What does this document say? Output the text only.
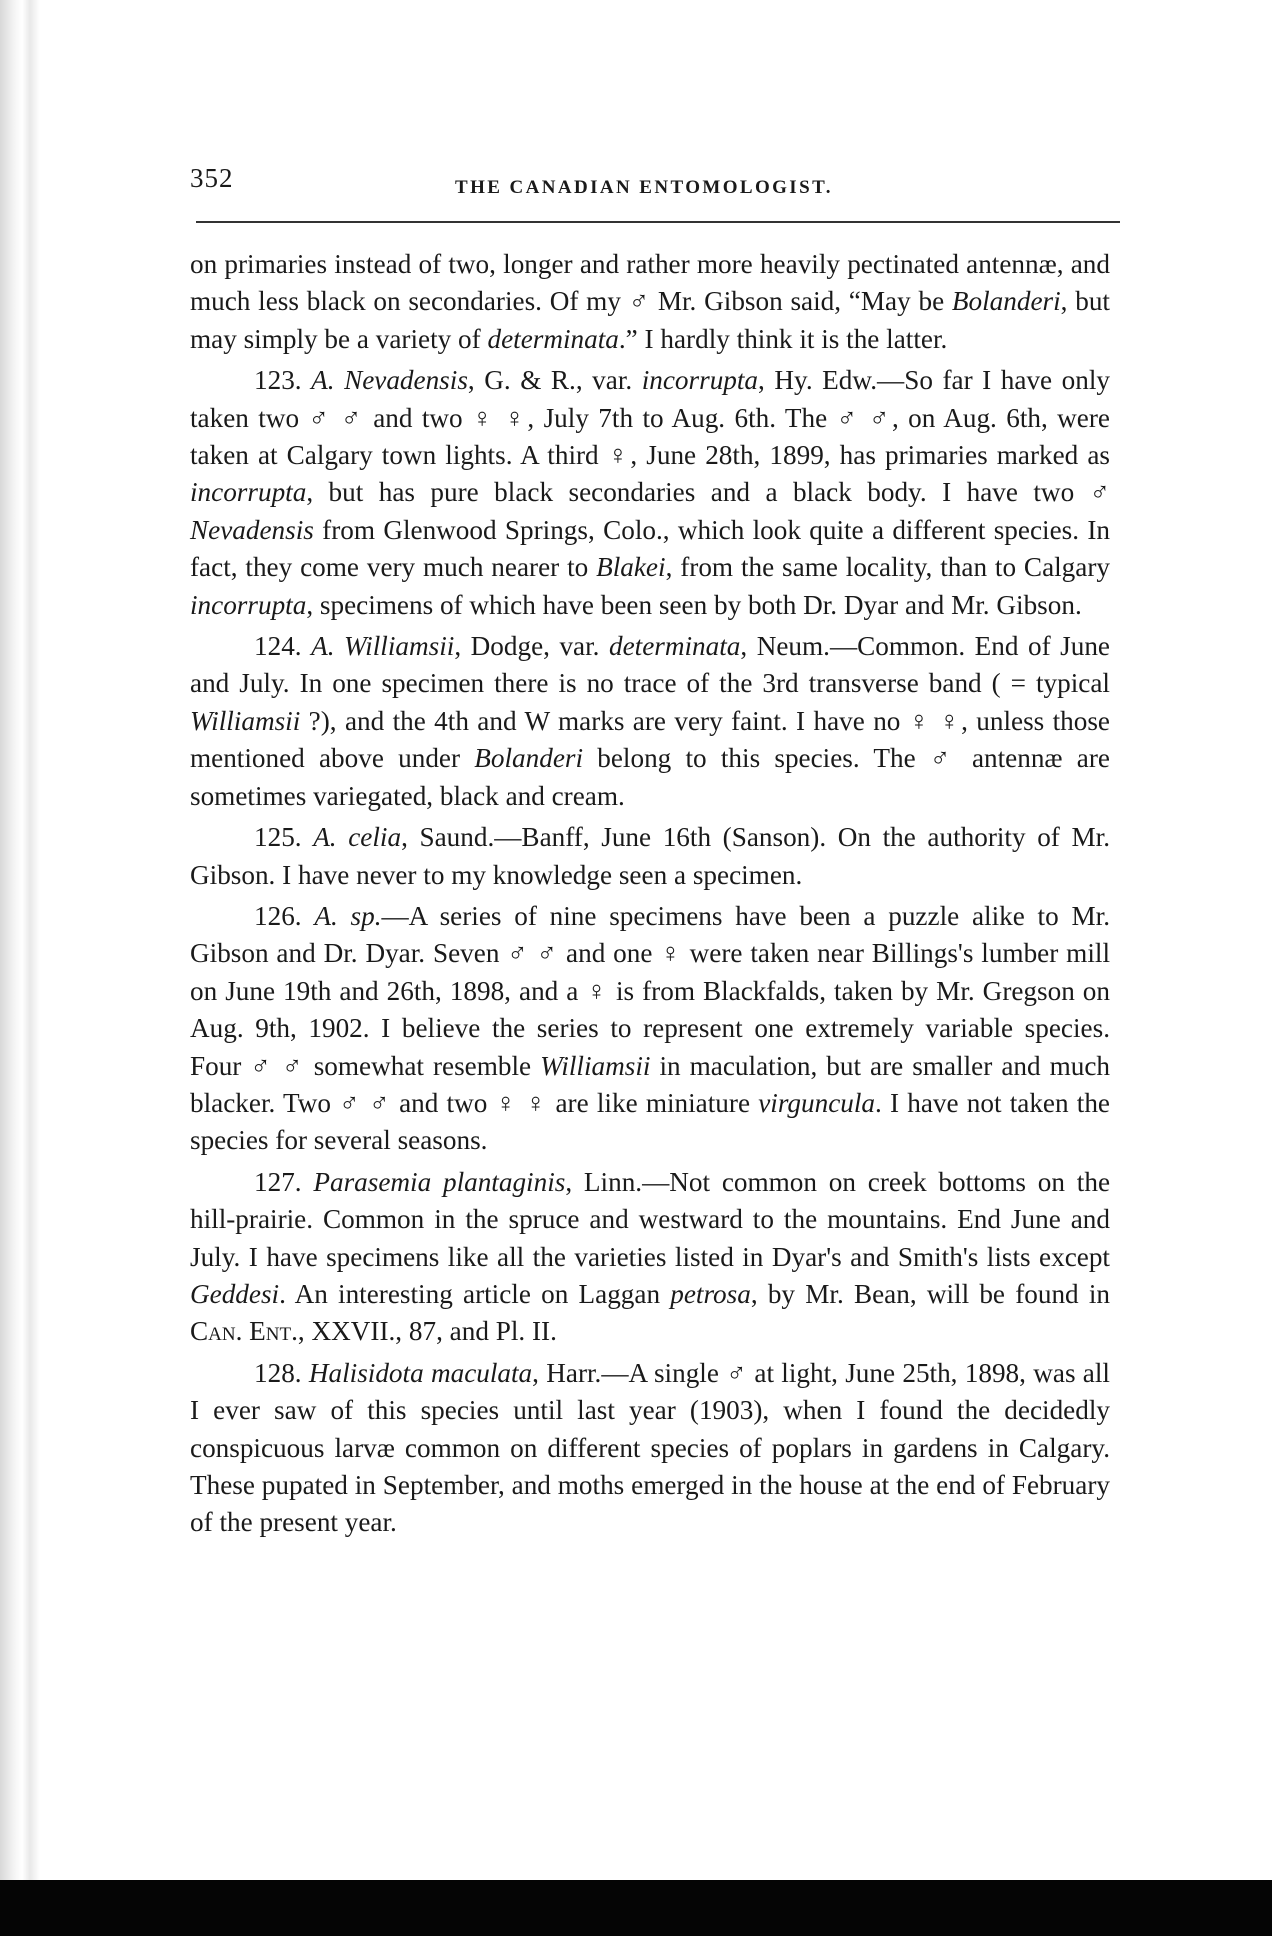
352	THE CANADIAN ENTOMOLOGIST.

on primaries instead of two, longer and rather more heavily pectinated antennæ, and much less black on secondaries. Of my ♂ Mr. Gibson said, “May be Bolanderi, but may simply be a variety of determinata.” I hardly think it is the latter.

123. A. Nevadensis, G. & R., var. incorrupta, Hy. Edw.—So far I have only taken two ♂ ♂ and two ♀ ♀, July 7th to Aug. 6th. The ♂ ♂, on Aug. 6th, were taken at Calgary town lights. A third ♀, June 28th, 1899, has primaries marked as incorrupta, but has pure black secondaries and a black body. I have two ♂ Nevadensis from Glenwood Springs, Colo., which look quite a different species. In fact, they come very much nearer to Blakei, from the same locality, than to Calgary incorrupta, specimens of which have been seen by both Dr. Dyar and Mr. Gibson.

124. A. Williamsii, Dodge, var. determinata, Neum.—Common. End of June and July. In one specimen there is no trace of the 3rd transverse band ( = typical Williamsii ?), and the 4th and W marks are very faint. I have no ♀ ♀, unless those mentioned above under Bolanderi belong to this species. The ♂ antennæ are sometimes variegated, black and cream.

125. A. celia, Saund.—Banff, June 16th (Sanson). On the authority of Mr. Gibson. I have never to my knowledge seen a specimen.

126. A. sp.—A series of nine specimens have been a puzzle alike to Mr. Gibson and Dr. Dyar. Seven ♂ ♂ and one ♀ were taken near Billings's lumber mill on June 19th and 26th, 1898, and a ♀ is from Blackfalds, taken by Mr. Gregson on Aug. 9th, 1902. I believe the series to represent one extremely variable species. Four ♂ ♂ somewhat resemble Williamsii in maculation, but are smaller and much blacker. Two ♂ ♂ and two ♀ ♀ are like miniature virguncula. I have not taken the species for several seasons.

127. Parasemia plantaginis, Linn.—Not common on creek bottoms on the hill-prairie. Common in the spruce and westward to the mountains. End June and July. I have specimens like all the varieties listed in Dyar's and Smith's lists except Geddesi. An interesting article on Laggan petrosa, by Mr. Bean, will be found in Can. Ent., XXVII., 87, and Pl. II.

128. Halisidota maculata, Harr.—A single ♂ at light, June 25th, 1898, was all I ever saw of this species until last year (1903), when I found the decidedly conspicuous larvæ common on different species of poplars in gardens in Calgary. These pupated in September, and moths emerged in the house at the end of February of the present year.
